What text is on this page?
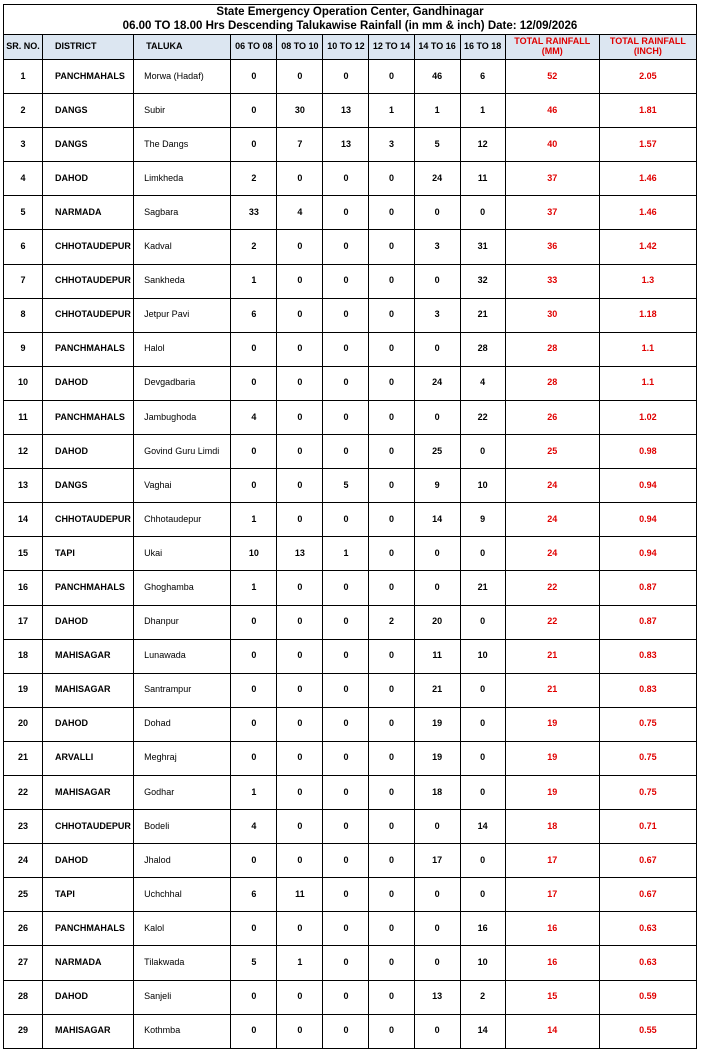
State Emergency Operation Center, Gandhinagar										
06.00 TO 18.00 Hrs Descending Talukawise Rainfall (in mm & inch) Date: 12/09/2026										
SR. NO.	DISTRICT	TALUKA	06 TO 08	08 TO 10	10 TO 12	12 TO 14	14 TO 16	16 TO 18	TOTAL RAINFALL (MM)	TOTAL RAINFALL (INCH)
1	PANCHMAHALS	Morwa (Hadaf)	0	0	0	0	46	6	52	2.05
2	DANGS	Subir	0	30	13	1	1	1	46	1.81
3	DANGS	The Dangs	0	7	13	3	5	12	40	1.57
4	DAHOD	Limkheda	2	0	0	0	24	11	37	1.46
5	NARMADA	Sagbara	33	4	0	0	0	0	37	1.46
6	CHHOTAUDEPUR	Kadval	2	0	0	0	3	31	36	1.42
7	CHHOTAUDEPUR	Sankheda	1	0	0	0	0	32	33	1.3
8	CHHOTAUDEPUR	Jetpur Pavi	6	0	0	0	3	21	30	1.18
9	PANCHMAHALS	Halol	0	0	0	0	0	28	28	1.1
10	DAHOD	Devgadbaria	0	0	0	0	24	4	28	1.1
11	PANCHMAHALS	Jambughoda	4	0	0	0	0	22	26	1.02
12	DAHOD	Govind Guru Limdi	0	0	0	0	25	0	25	0.98
13	DANGS	Vaghai	0	0	5	0	9	10	24	0.94
14	CHHOTAUDEPUR	Chhotaudepur	1	0	0	0	14	9	24	0.94
15	TAPI	Ukai	10	13	1	0	0	0	24	0.94
16	PANCHMAHALS	Ghoghamba	1	0	0	0	0	21	22	0.87
17	DAHOD	Dhanpur	0	0	0	2	20	0	22	0.87
18	MAHISAGAR	Lunawada	0	0	0	0	11	10	21	0.83
19	MAHISAGAR	Santrampur	0	0	0	0	21	0	21	0.83
20	DAHOD	Dohad	0	0	0	0	19	0	19	0.75
21	ARVALLI	Meghraj	0	0	0	0	19	0	19	0.75
22	MAHISAGAR	Godhar	1	0	0	0	18	0	19	0.75
23	CHHOTAUDEPUR	Bodeli	4	0	0	0	0	14	18	0.71
24	DAHOD	Jhalod	0	0	0	0	17	0	17	0.67
25	TAPI	Uchchhal	6	11	0	0	0	0	17	0.67
26	PANCHMAHALS	Kalol	0	0	0	0	0	16	16	0.63
27	NARMADA	Tilakwada	5	1	0	0	0	10	16	0.63
28	DAHOD	Sanjeli	0	0	0	0	13	2	15	0.59
29	MAHISAGAR	Kothmba	0	0	0	0	0	14	14	0.55
